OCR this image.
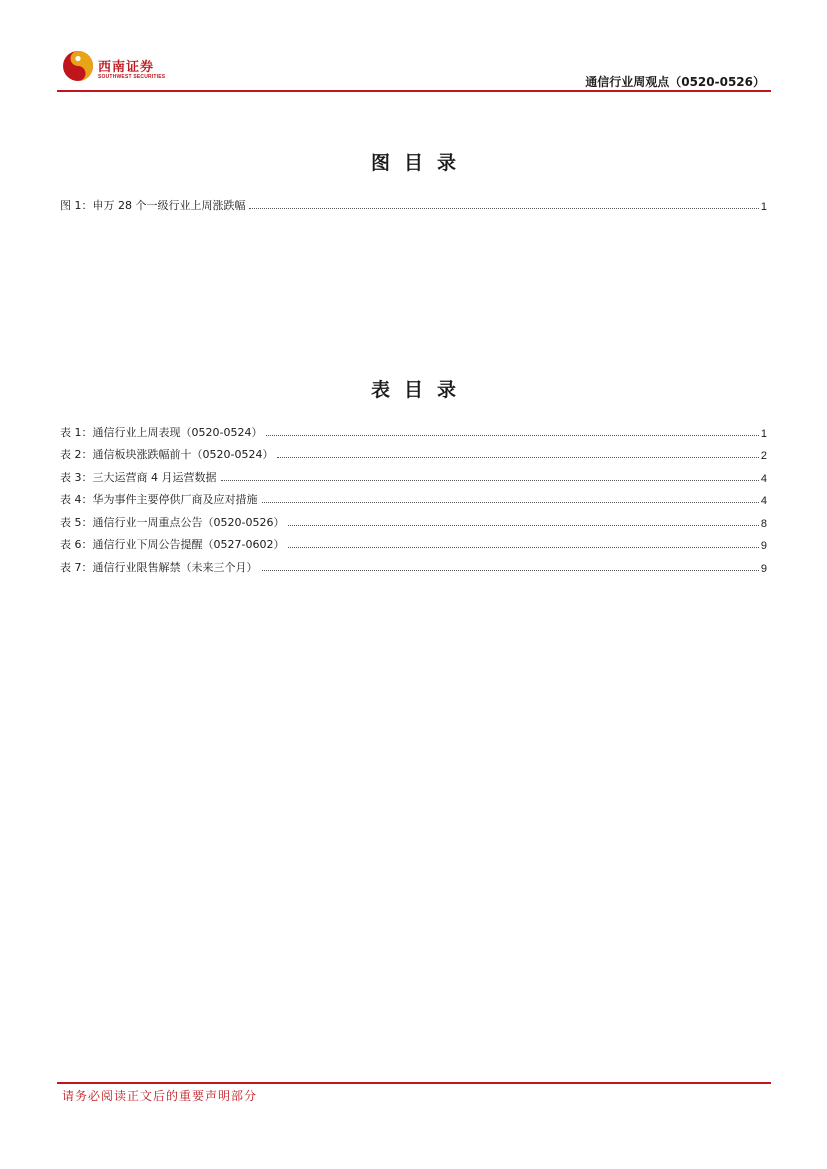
西南证券
SOUTHWEST SECURITIES	通信行业周观点（0520-0526）
图目录
图 1：申万 28 个一级行业上周涨跌幅	1
表目录
表 1：通信行业上周表现（0520-0524）	1
表 2：通信板块涨跌幅前十（0520-0524）	2
表 3：三大运营商 4 月运营数据	4
表 4：华为事件主要停供厂商及应对措施	4
表 5：通信行业一周重点公告（0520-0526）	8
表 6：通信行业下周公告提醒（0527-0602）	9
表 7：通信行业限售解禁（未来三个月）	9
请务必阅读正文后的重要声明部分
